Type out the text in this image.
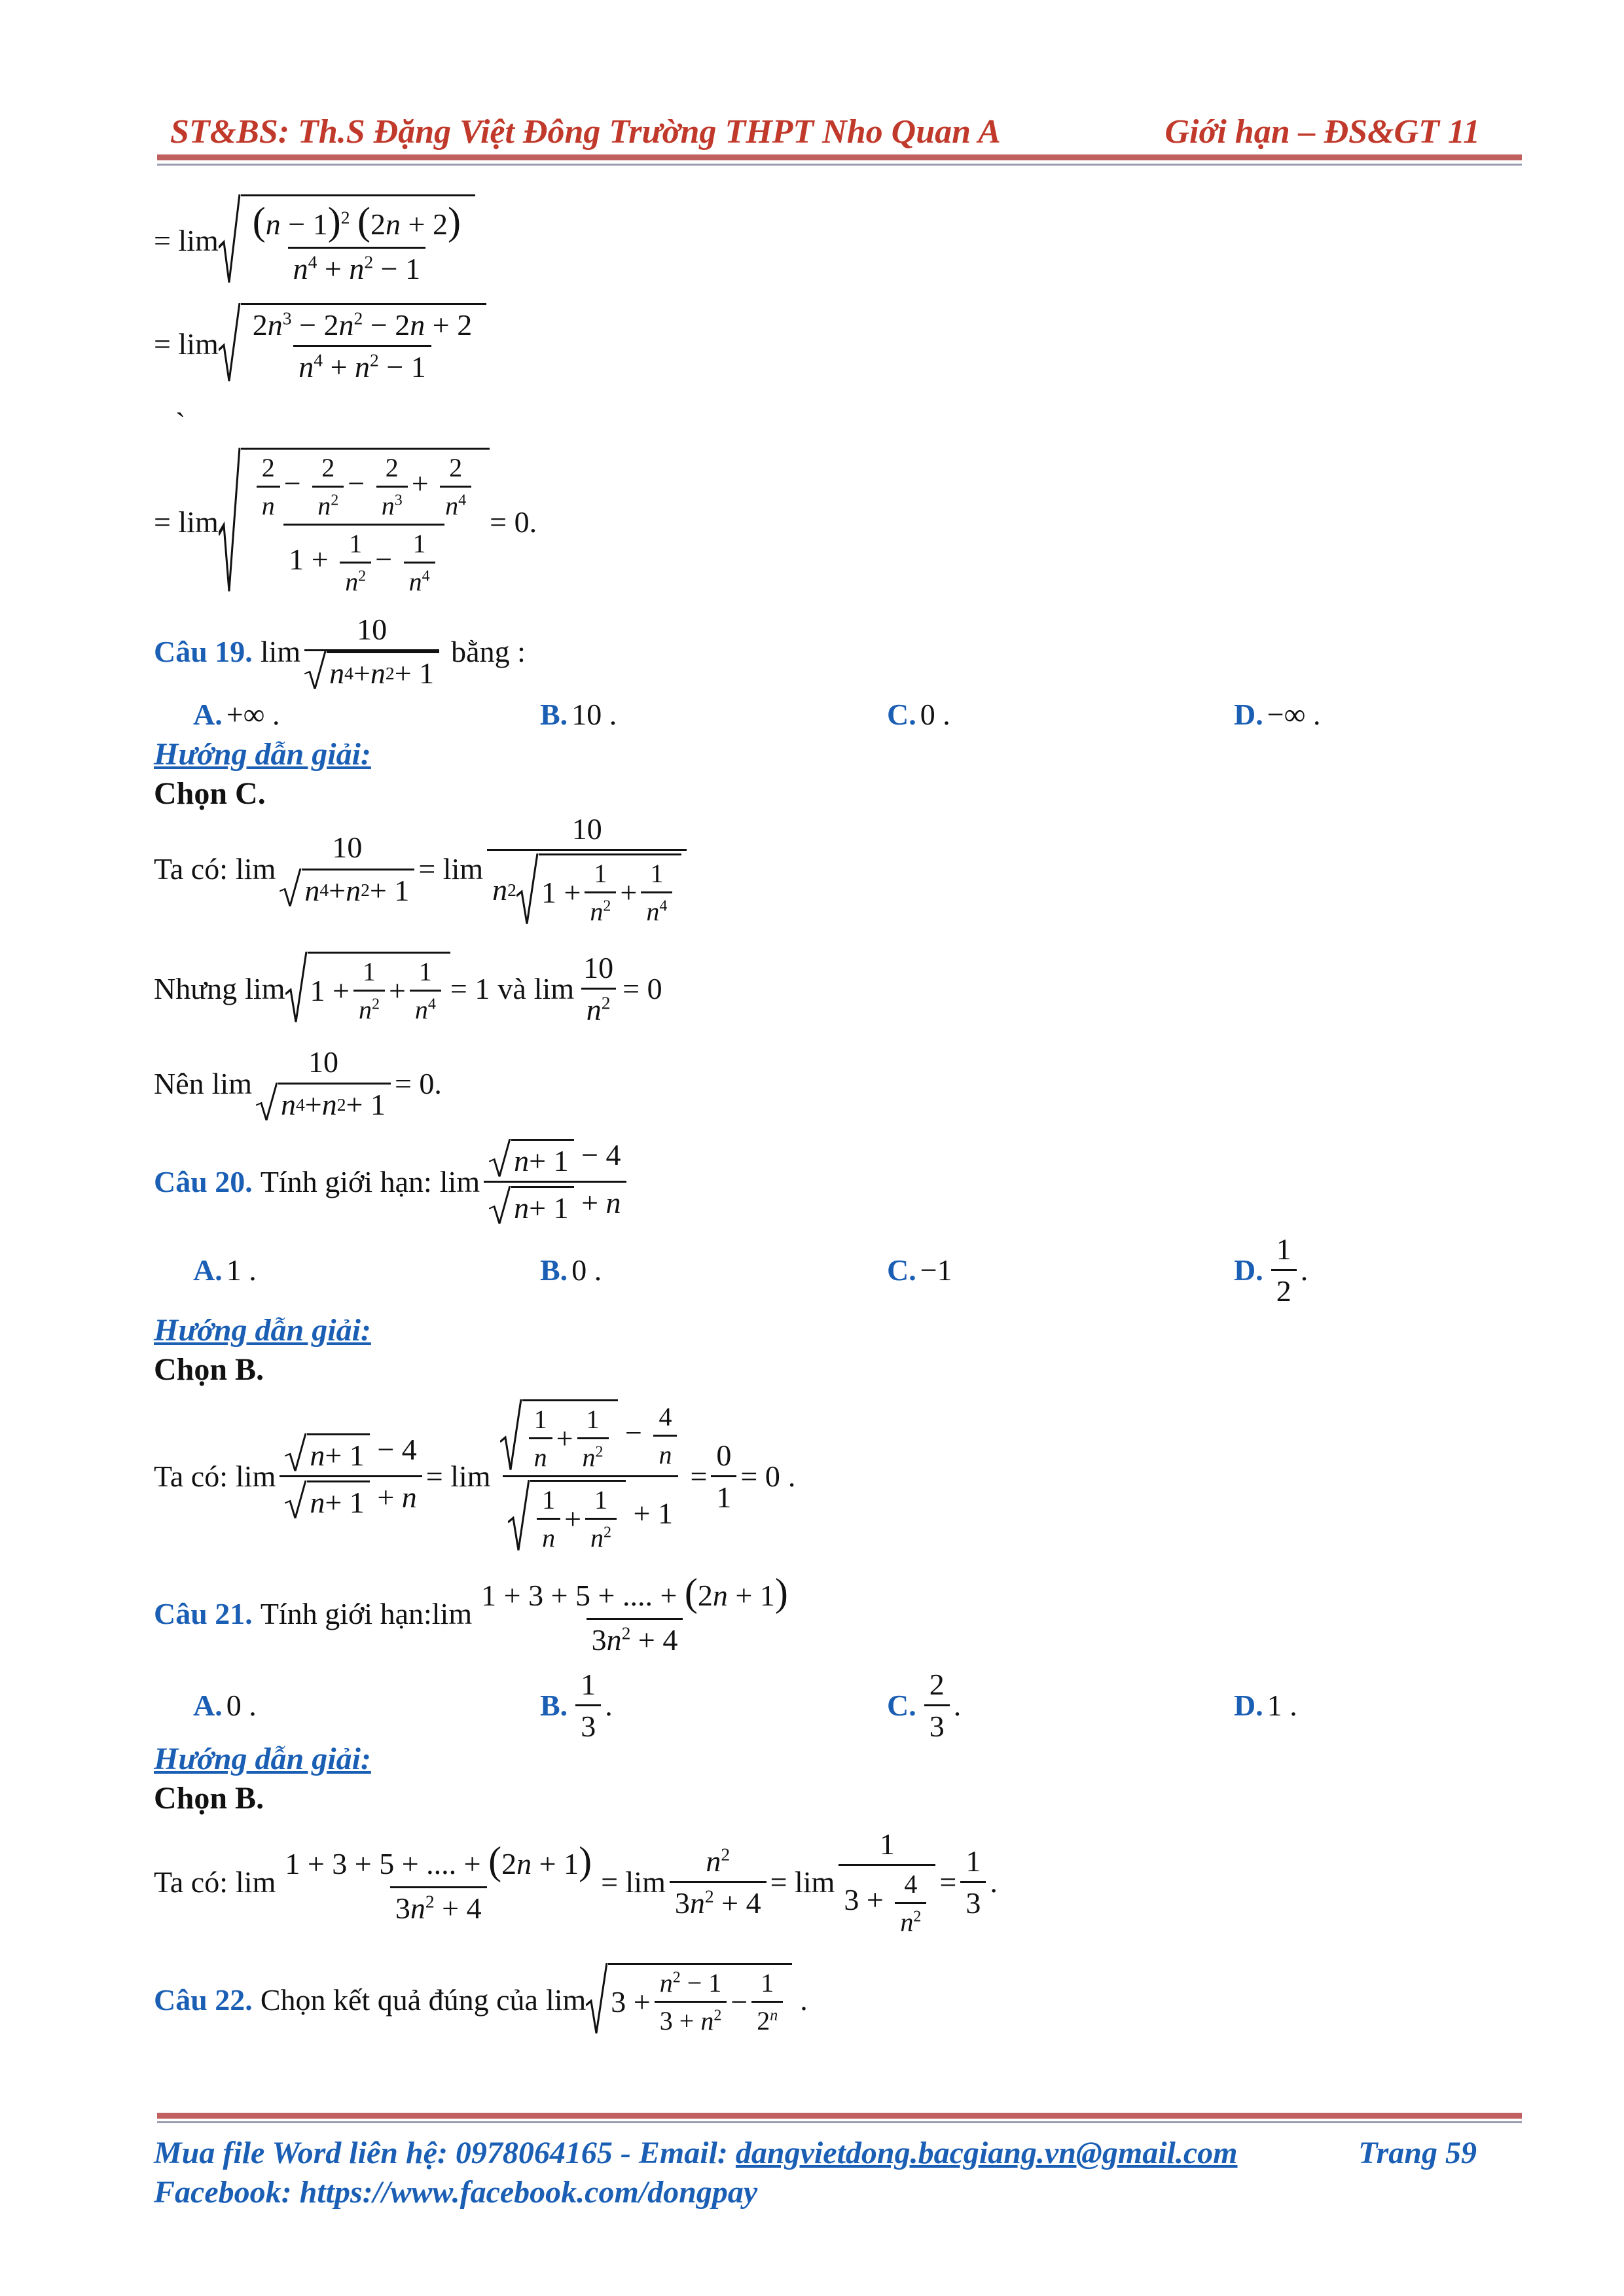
ST&BS: Th.S Đặng Việt Đông Trường THPT Nho Quan A	Giới hạn – ĐS&GT 11
= $\lim \frac{(n - 1)^2 (2n + 2)}{n^4 + n^2 - 1}$
= $\lim \frac{2n^3 - 2n^2 - 2n + 2}{n^4 + n^2 - 1}$
`
= $\lim \frac{\frac{2}{n} - \frac{2}{n^2} - \frac{2}{n^3} + \frac{2}{n^4}}{1 + \frac{1}{n^2} - \frac{1}{n^4}} = 0$.
Câu 19. lim
10
n 4 + n 2 + 1
bằng :
A. +∞ .	B. 10 .	C. 0 .	D. −∞ .
Hướng dẫn giải:
Chọn C.
Ta có: lim
10
n 4 + n 2 + 1
= $\lim \frac{10}{n 2 1 + \frac{1}{n^2} + \frac{1}{n^4}}$
Nhưng $\lim 1 + \frac{1}{n^2} + \frac{1}{n^4} = 1$ và $\lim \frac{10}{n^2} = 0$
Nên lim
10
n 4 + n 2 + 1
= 0.
Câu 20. Tính giới hạn: $\lim \frac{n + 1 - 4}{n + 1 + n}$
A. 1 .	B. 0 .	C. −1	D. $\frac{1}{2}$ .
Hướng dẫn giải:
Chọn B.
Ta có: $\lim \frac{n + 1 - 4}{n + 1 + n} = \lim \frac{\frac{1}{n} + \frac{1}{n^2} - \frac{4}{n}}{\frac{1}{n} + \frac{1}{n^2} + 1} = \frac{0}{1} = 0$ .
Câu 21. Tính giới hạn: $\lim \frac{1 + 3 + 5 + .... + (2n + 1)}{3n^2 + 4}$
A. 0 .	B. $\frac{1}{3}$ .	C. $\frac{2}{3}$ .	D. 1 .
Hướng dẫn giải:
Chọn B.
Ta có: $\lim \frac{1 + 3 + 5 + .... + (2n + 1)}{3n^2 + 4} = \lim \frac{n^2}{3n^2 + 4} = \lim \frac{1}{3 + \frac{4}{n^2}} = \frac{1}{3}$ .
Câu 22. Chọn kết quả đúng của $\lim 3 + \frac{n^2 - 1}{3 + n^2} - \frac{1}{2^n}$ .
Mua file Word liên hệ: 0978064165 - Email: dangvietdong.bacgiang.vn@gmail.com	Trang 59
Facebook: https://www.facebook.com/dongpay
